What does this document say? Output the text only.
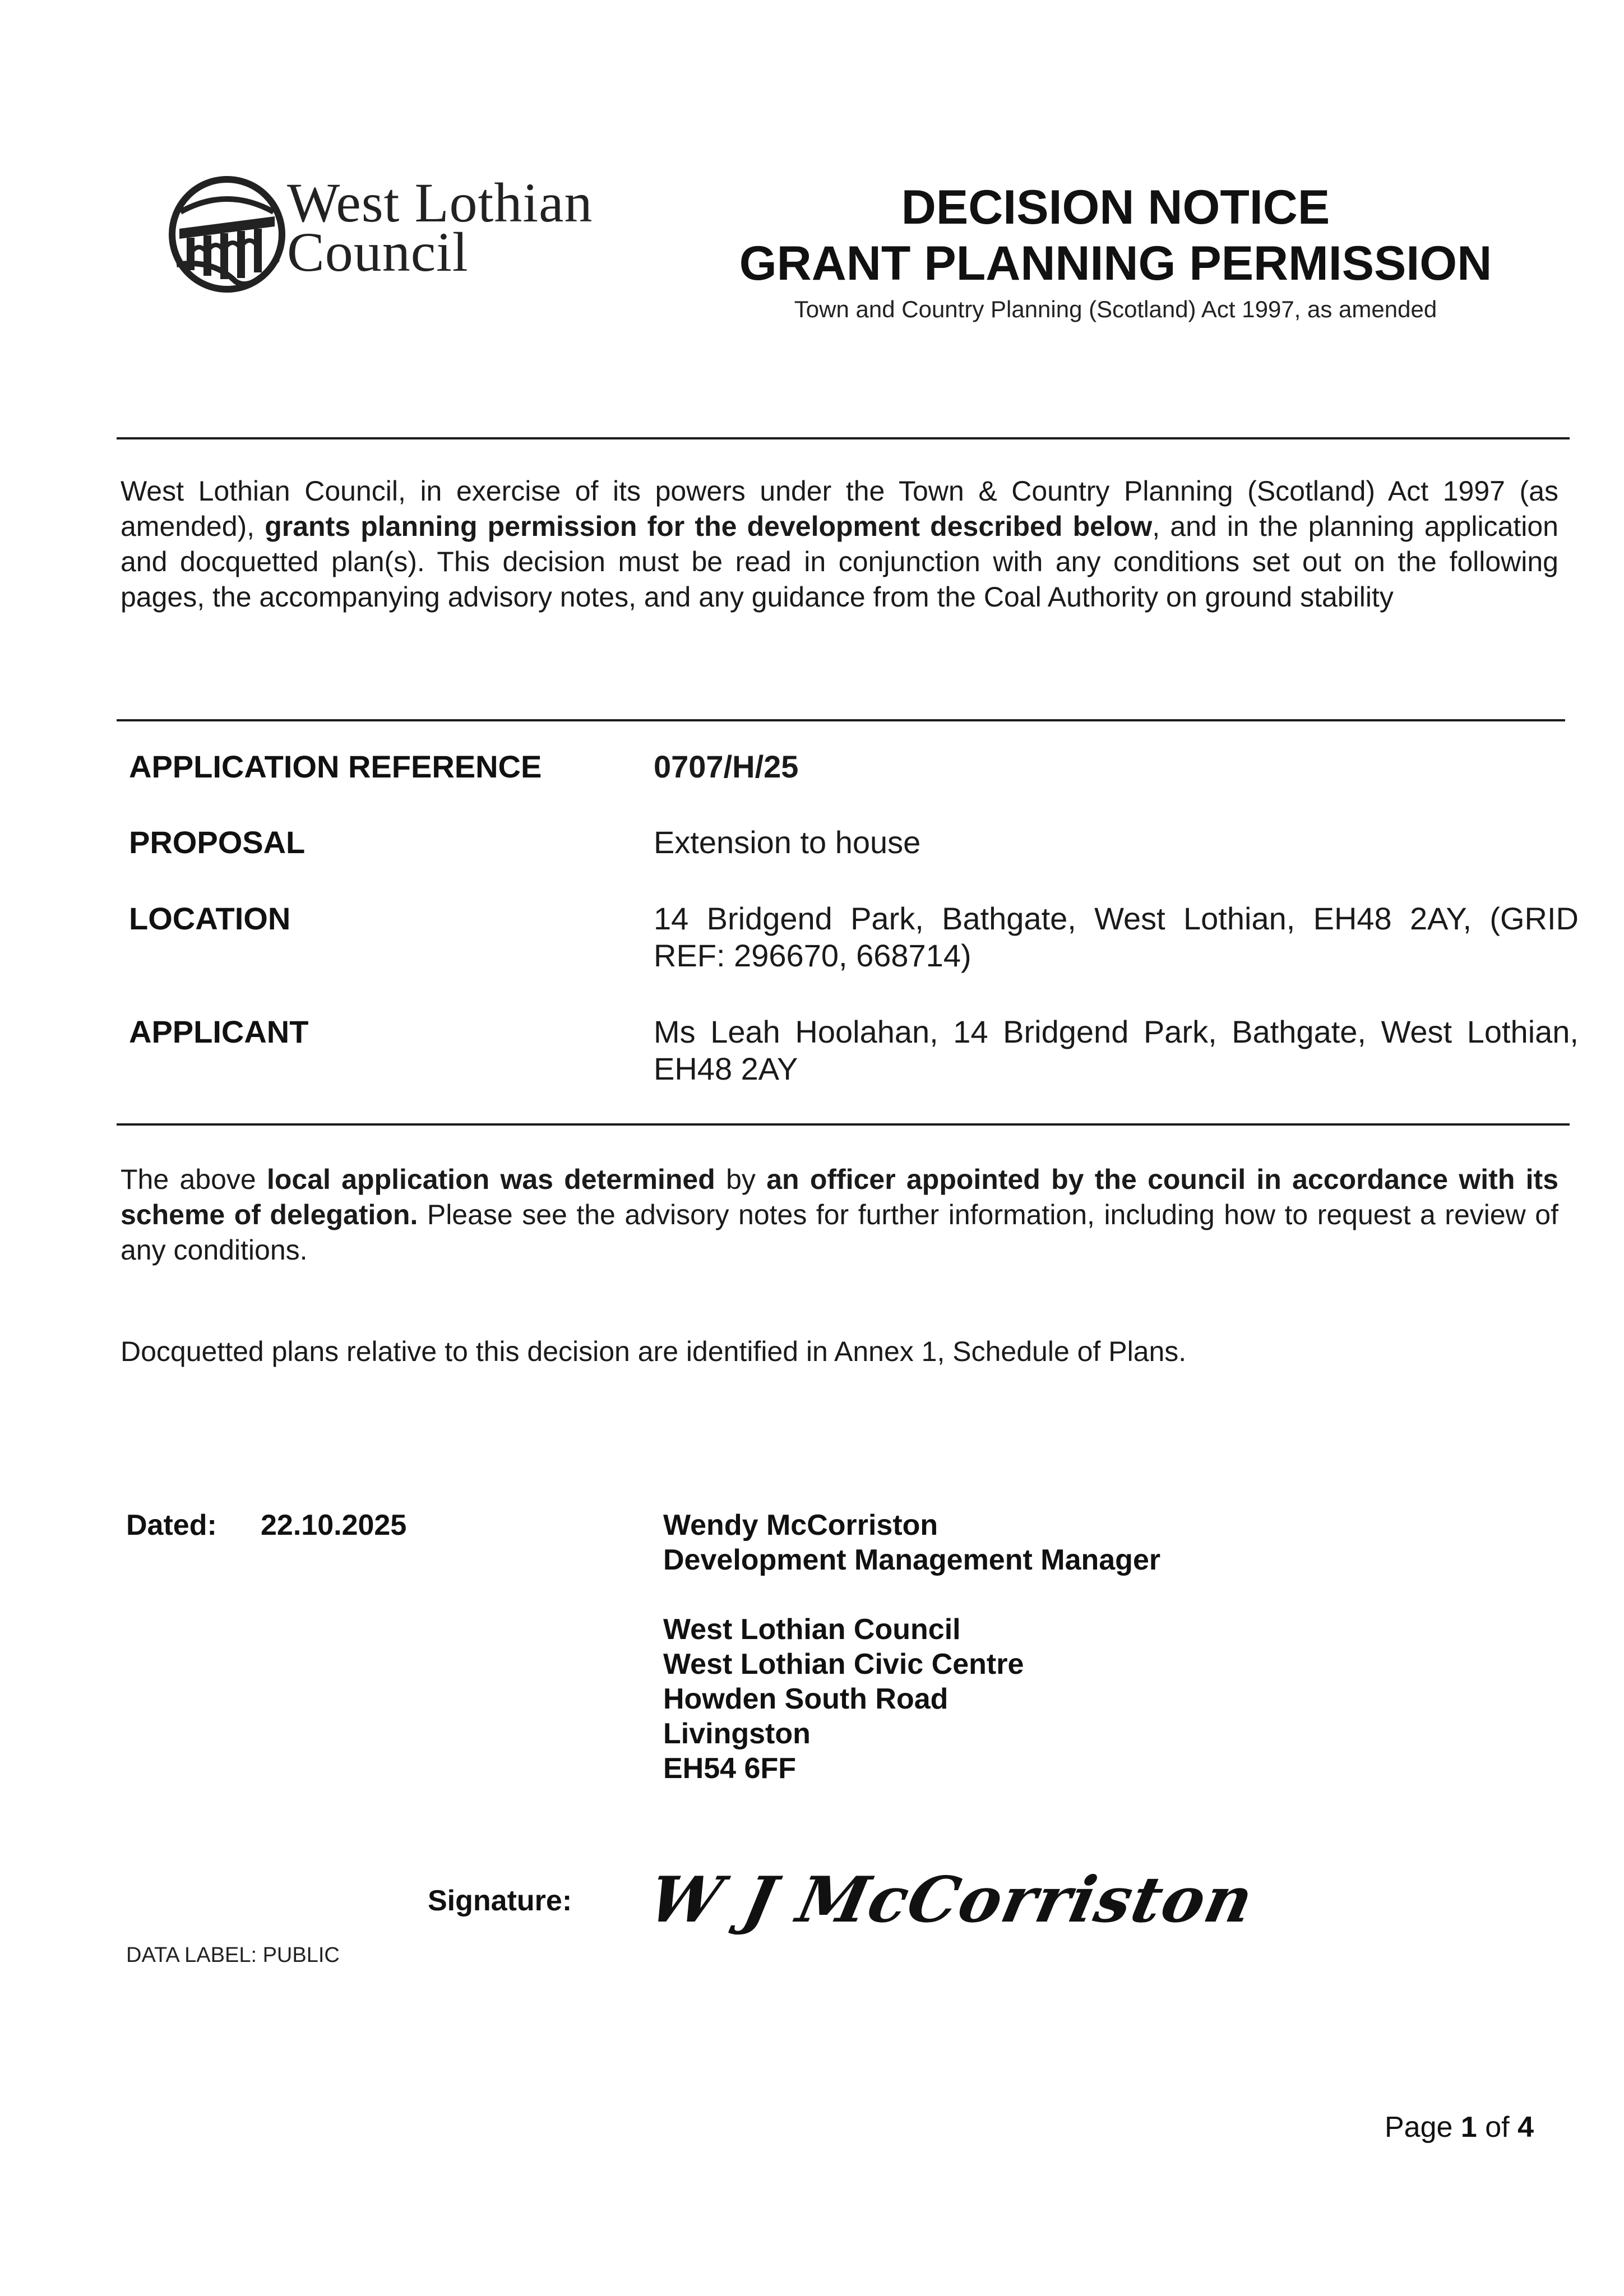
West Lothian
Council
DECISION NOTICE
GRANT PLANNING PERMISSION
Town and Country Planning (Scotland) Act 1997, as amended
West Lothian Council, in exercise of its powers under the Town & Country Planning (Scotland) Act 1997 (as amended), grants planning permission for the development described below, and in the planning application and docquetted plan(s). This decision must be read in conjunction with any conditions set out on the following pages, the accompanying advisory notes, and any guidance from the Coal Authority on ground stability
APPLICATION REFERENCE	0707/H/25
PROPOSAL	Extension to house
LOCATION	14 Bridgend Park, Bathgate, West Lothian, EH48 2AY, (GRID REF: 296670, 668714)
APPLICANT	Ms Leah Hoolahan, 14 Bridgend Park, Bathgate, West Lothian, EH48 2AY
The above local application was determined by an officer appointed by the council in accordance with its scheme of delegation. Please see the advisory notes for further information, including how to request a review of any conditions.
Docquetted plans relative to this decision are identified in Annex 1, Schedule of Plans.
Dated: 22.10.2025	Wendy McCorriston
Development Management Manager
West Lothian Council
West Lothian Civic Centre
Howden South Road
Livingston
EH54 6FF
Signature: W J McCorriston
DATA LABEL: PUBLIC
Page 1 of 4
